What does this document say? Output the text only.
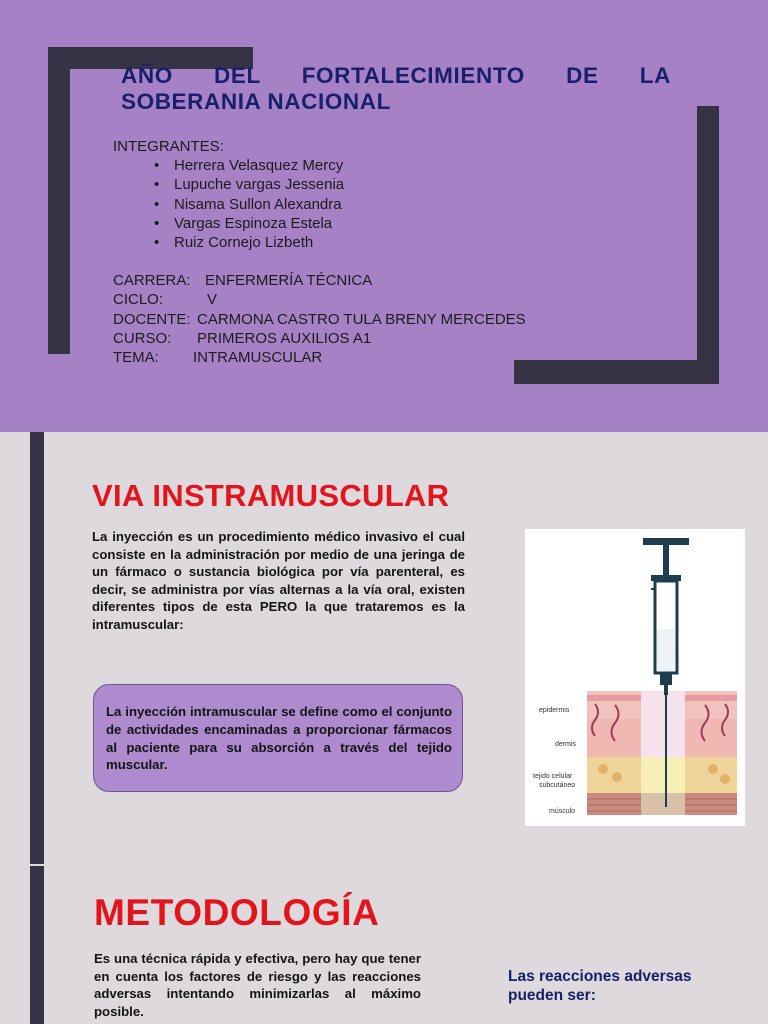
AÑO DEL FORTALECIMIENTO DE LA SOBERANIA NACIONAL
INTEGRANTES:
• Herrera Velasquez Mercy
• Lupuche vargas Jessenia
• Nisama Sullon Alexandra
• Vargas Espinoza Estela
• Ruiz Cornejo Lizbeth
CARRERA: ENFERMERÍA TÉCNICA
CICLO:	V
DOCENTE: CARMONA CASTRO TULA BRENY MERCEDES
CURSO:	PRIMEROS AUXILIOS A1
TEMA:	INTRAMUSCULAR
VIA INSTRAMUSCULAR

La inyección es un procedimiento médico invasivo el cual consiste en la administración por medio de una jeringa de un fármaco o sustancia biológica por vía parenteral, es decir, se administra por vías alternas a la vía oral, existen diferentes tipos de esta PERO la que trataremos es la intramuscular:

La inyección intramuscular se define como el conjunto de actividades encaminadas a proporcionar fármacos al paciente para su absorción a través del tejido muscular.

epidermis
dermis
tejido celular
subcutáneo
músculo
METODOLOGÍA

Es una técnica rápida y efectiva, pero hay que tener en cuenta los factores de riesgo y las reacciones adversas intentando minimizarlas al máximo posible.

Las reacciones adversas pueden ser:
